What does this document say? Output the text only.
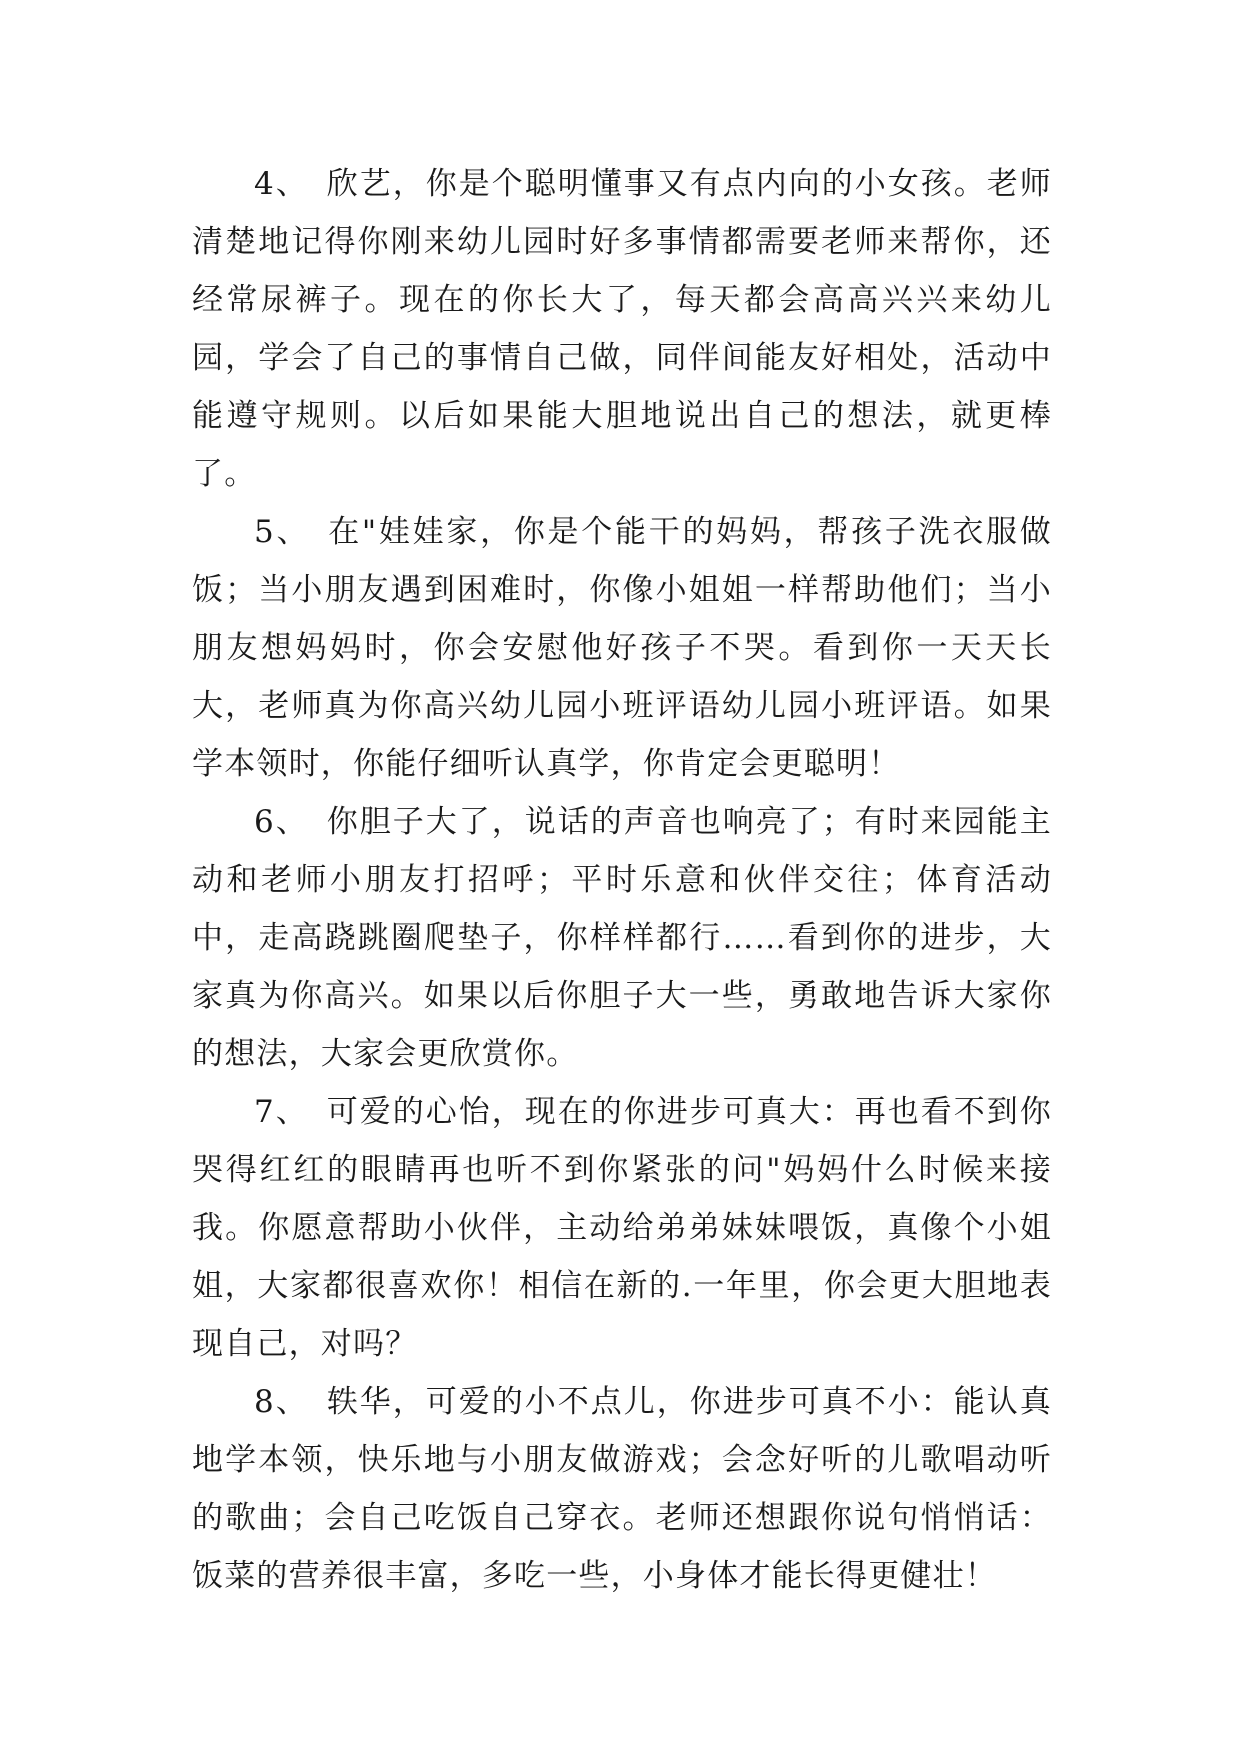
4、 欣艺，你是个聪明懂事又有点内向的小女孩。老师清楚地记得你刚来幼儿园时好多事情都需要老师来帮你，还经常尿裤子。现在的你长大了，每天都会高高兴兴来幼儿园，学会了自己的事情自己做，同伴间能友好相处，活动中能遵守规则。以后如果能大胆地说出自己的想法，就更棒了。

5、 在"娃娃家，你是个能干的妈妈，帮孩子洗衣服做饭；当小朋友遇到困难时，你像小姐姐一样帮助他们；当小朋友想妈妈时，你会安慰他好孩子不哭。看到你一天天长大，老师真为你高兴幼儿园小班评语幼儿园小班评语。如果学本领时，你能仔细听认真学，你肯定会更聪明！

6、 你胆子大了，说话的声音也响亮了；有时来园能主动和老师小朋友打招呼；平时乐意和伙伴交往；体育活动中，走高跷跳圈爬垫子，你样样都行……看到你的进步，大家真为你高兴。如果以后你胆子大一些，勇敢地告诉大家你的想法，大家会更欣赏你。

7、 可爱的心怡，现在的你进步可真大：再也看不到你哭得红红的眼睛再也听不到你紧张的问"妈妈什么时候来接我。你愿意帮助小伙伴，主动给弟弟妹妹喂饭，真像个小姐姐，大家都很喜欢你！相信在新的.一年里，你会更大胆地表现自己，对吗？

8、 轶华，可爱的小不点儿，你进步可真不小：能认真地学本领，快乐地与小朋友做游戏；会念好听的儿歌唱动听的歌曲；会自己吃饭自己穿衣。老师还想跟你说句悄悄话：饭菜的营养很丰富，多吃一些，小身体才能长得更健壮！
